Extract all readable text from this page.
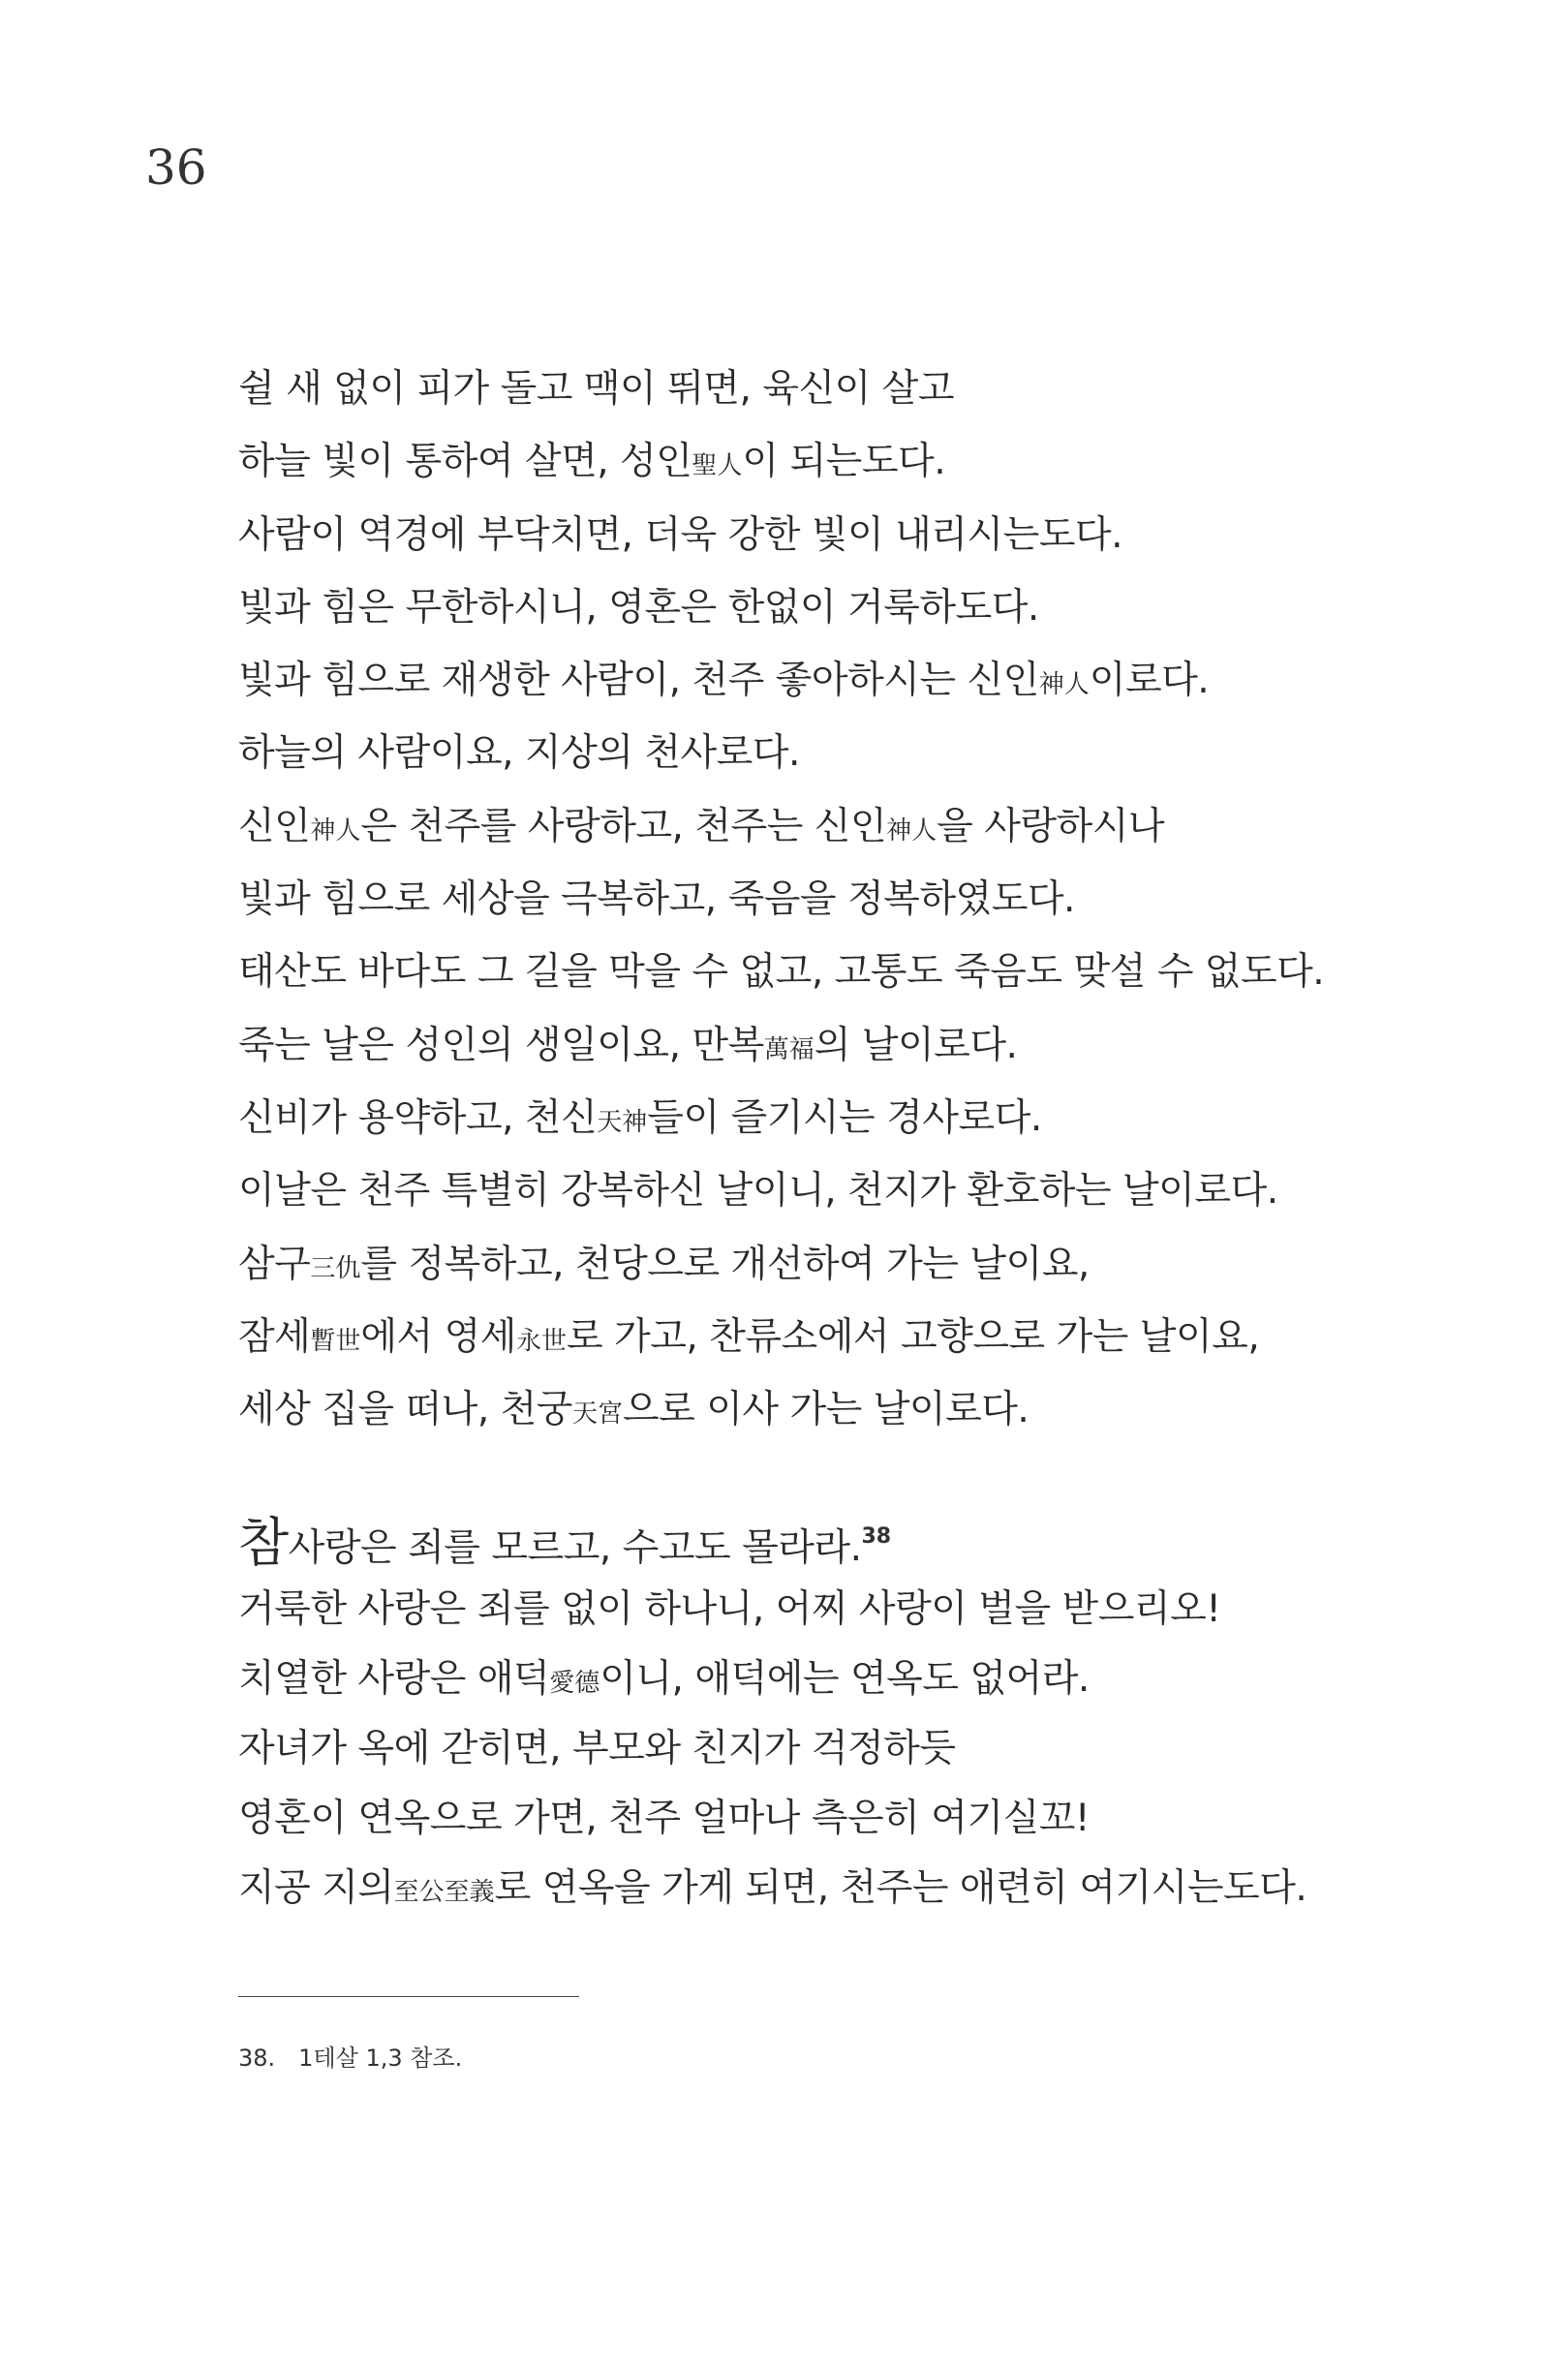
36
쉴 새 없이 피가 돌고 맥이 뛰면, 육신이 살고
하늘 빛이 통하여 살면, 성인聖人이 되는도다.
사람이 역경에 부닥치면, 더욱 강한 빛이 내리시는도다.
빛과 힘은 무한하시니, 영혼은 한없이 거룩하도다.
빛과 힘으로 재생한 사람이, 천주 좋아하시는 신인神人이로다.
하늘의 사람이요, 지상의 천사로다.
신인神人은 천주를 사랑하고, 천주는 신인神人을 사랑하시나
빛과 힘으로 세상을 극복하고, 죽음을 정복하였도다.
태산도 바다도 그 길을 막을 수 없고, 고통도 죽음도 맞설 수 없도다.
죽는 날은 성인의 생일이요, 만복萬福의 날이로다.
신비가 용약하고, 천신天神들이 즐기시는 경사로다.
이날은 천주 특별히 강복하신 날이니, 천지가 환호하는 날이로다.
삼구三仇를 정복하고, 천당으로 개선하여 가는 날이요,
잠세暫世에서 영세永世로 가고, 찬류소에서 고향으로 가는 날이요,
세상 집을 떠나, 천궁天宮으로 이사 가는 날이로다.
참사랑은 죄를 모르고, 수고도 몰라라.$^{38}$
거룩한 사랑은 죄를 없이 하나니, 어찌 사랑이 벌을 받으리오!
치열한 사랑은 애덕愛德이니, 애덕에는 연옥도 없어라.
자녀가 옥에 갇히면, 부모와 친지가 걱정하듯
영혼이 연옥으로 가면, 천주 얼마나 측은히 여기실꼬!
지공 지의至公至義로 연옥을 가게 되면, 천주는 애련히 여기시는도다.
38. 1테살 1,3 참조.
